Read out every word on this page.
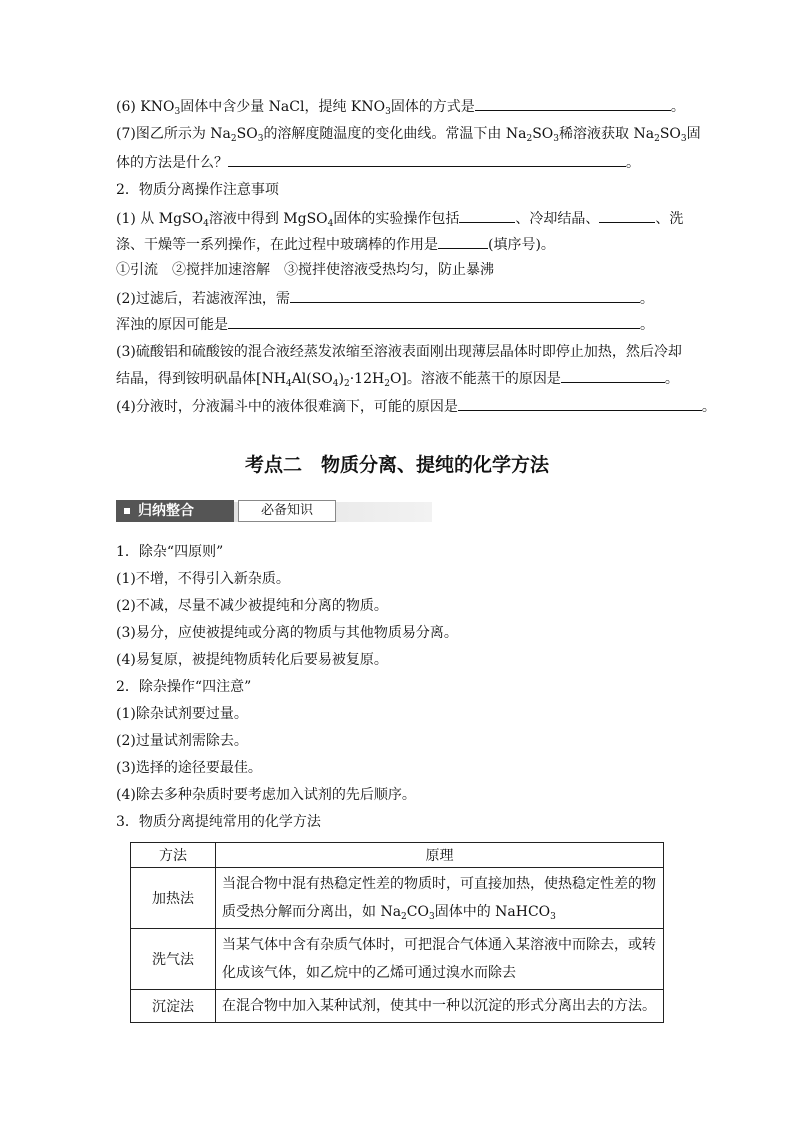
(6) $KNO_3$固体中含少量 NaCl，提纯 $KNO_3$固体的方式是	。
(7)图乙所示为 $Na_2SO_3$的溶解度随温度的变化曲线。常温下由 $Na_2SO_3$稀溶液获取 $Na_2SO_3$固
体的方法是什么？	。
2．物质分离操作注意事项
(1) 从 MgSO$_4$溶液中得到 MgSO$_4$固体的实验操作包括	、冷却结晶、	、洗
涤、干燥等一系列操作，在此过程中玻璃棒的作用是	(填序号)。
①引流　②搅拌加速溶解　③搅拌使溶液受热均匀，防止暴沸
(2)过滤后，若滤液浑浊，需	。
浑浊的原因可能是	。
(3)硫酸铝和硫酸铵的混合液经蒸发浓缩至溶液表面刚出现薄层晶体时即停止加热，然后冷却
结晶，得到铵明矾晶体$[NH_4Al(SO_4)_2\cdot 12H_2O]$。溶液不能蒸干的原因是	。
(4)分液时，分液漏斗中的液体很难滴下，可能的原因是	。
考点二　物质分离、提纯的化学方法
归纳整合	必备知识
1．除杂“四原则”
(1)不增，不得引入新杂质。
(2)不减，尽量不减少被提纯和分离的物质。
(3)易分，应使被提纯或分离的物质与其他物质易分离。
(4)易复原，被提纯物质转化后要易被复原。
2．除杂操作“四注意”
(1)除杂试剂要过量。
(2)过量试剂需除去。
(3)选择的途径要最佳。
(4)除去多种杂质时要考虑加入试剂的先后顺序。
3．物质分离提纯常用的化学方法
方法	原理
加热法	当混合物中混有热稳定性差的物质时，可直接加热，使热稳定性差的物质受热分解而分离出，如 $Na_2CO_3$固体中的 NaHCO$_3$
洗气法	当某气体中含有杂质气体时，可把混合气体通入某溶液中而除去，或转化成该气体，如乙烷中的乙烯可通过溴水而除去
沉淀法	在混合物中加入某种试剂，使其中一种以沉淀的形式分离出去的方法。
